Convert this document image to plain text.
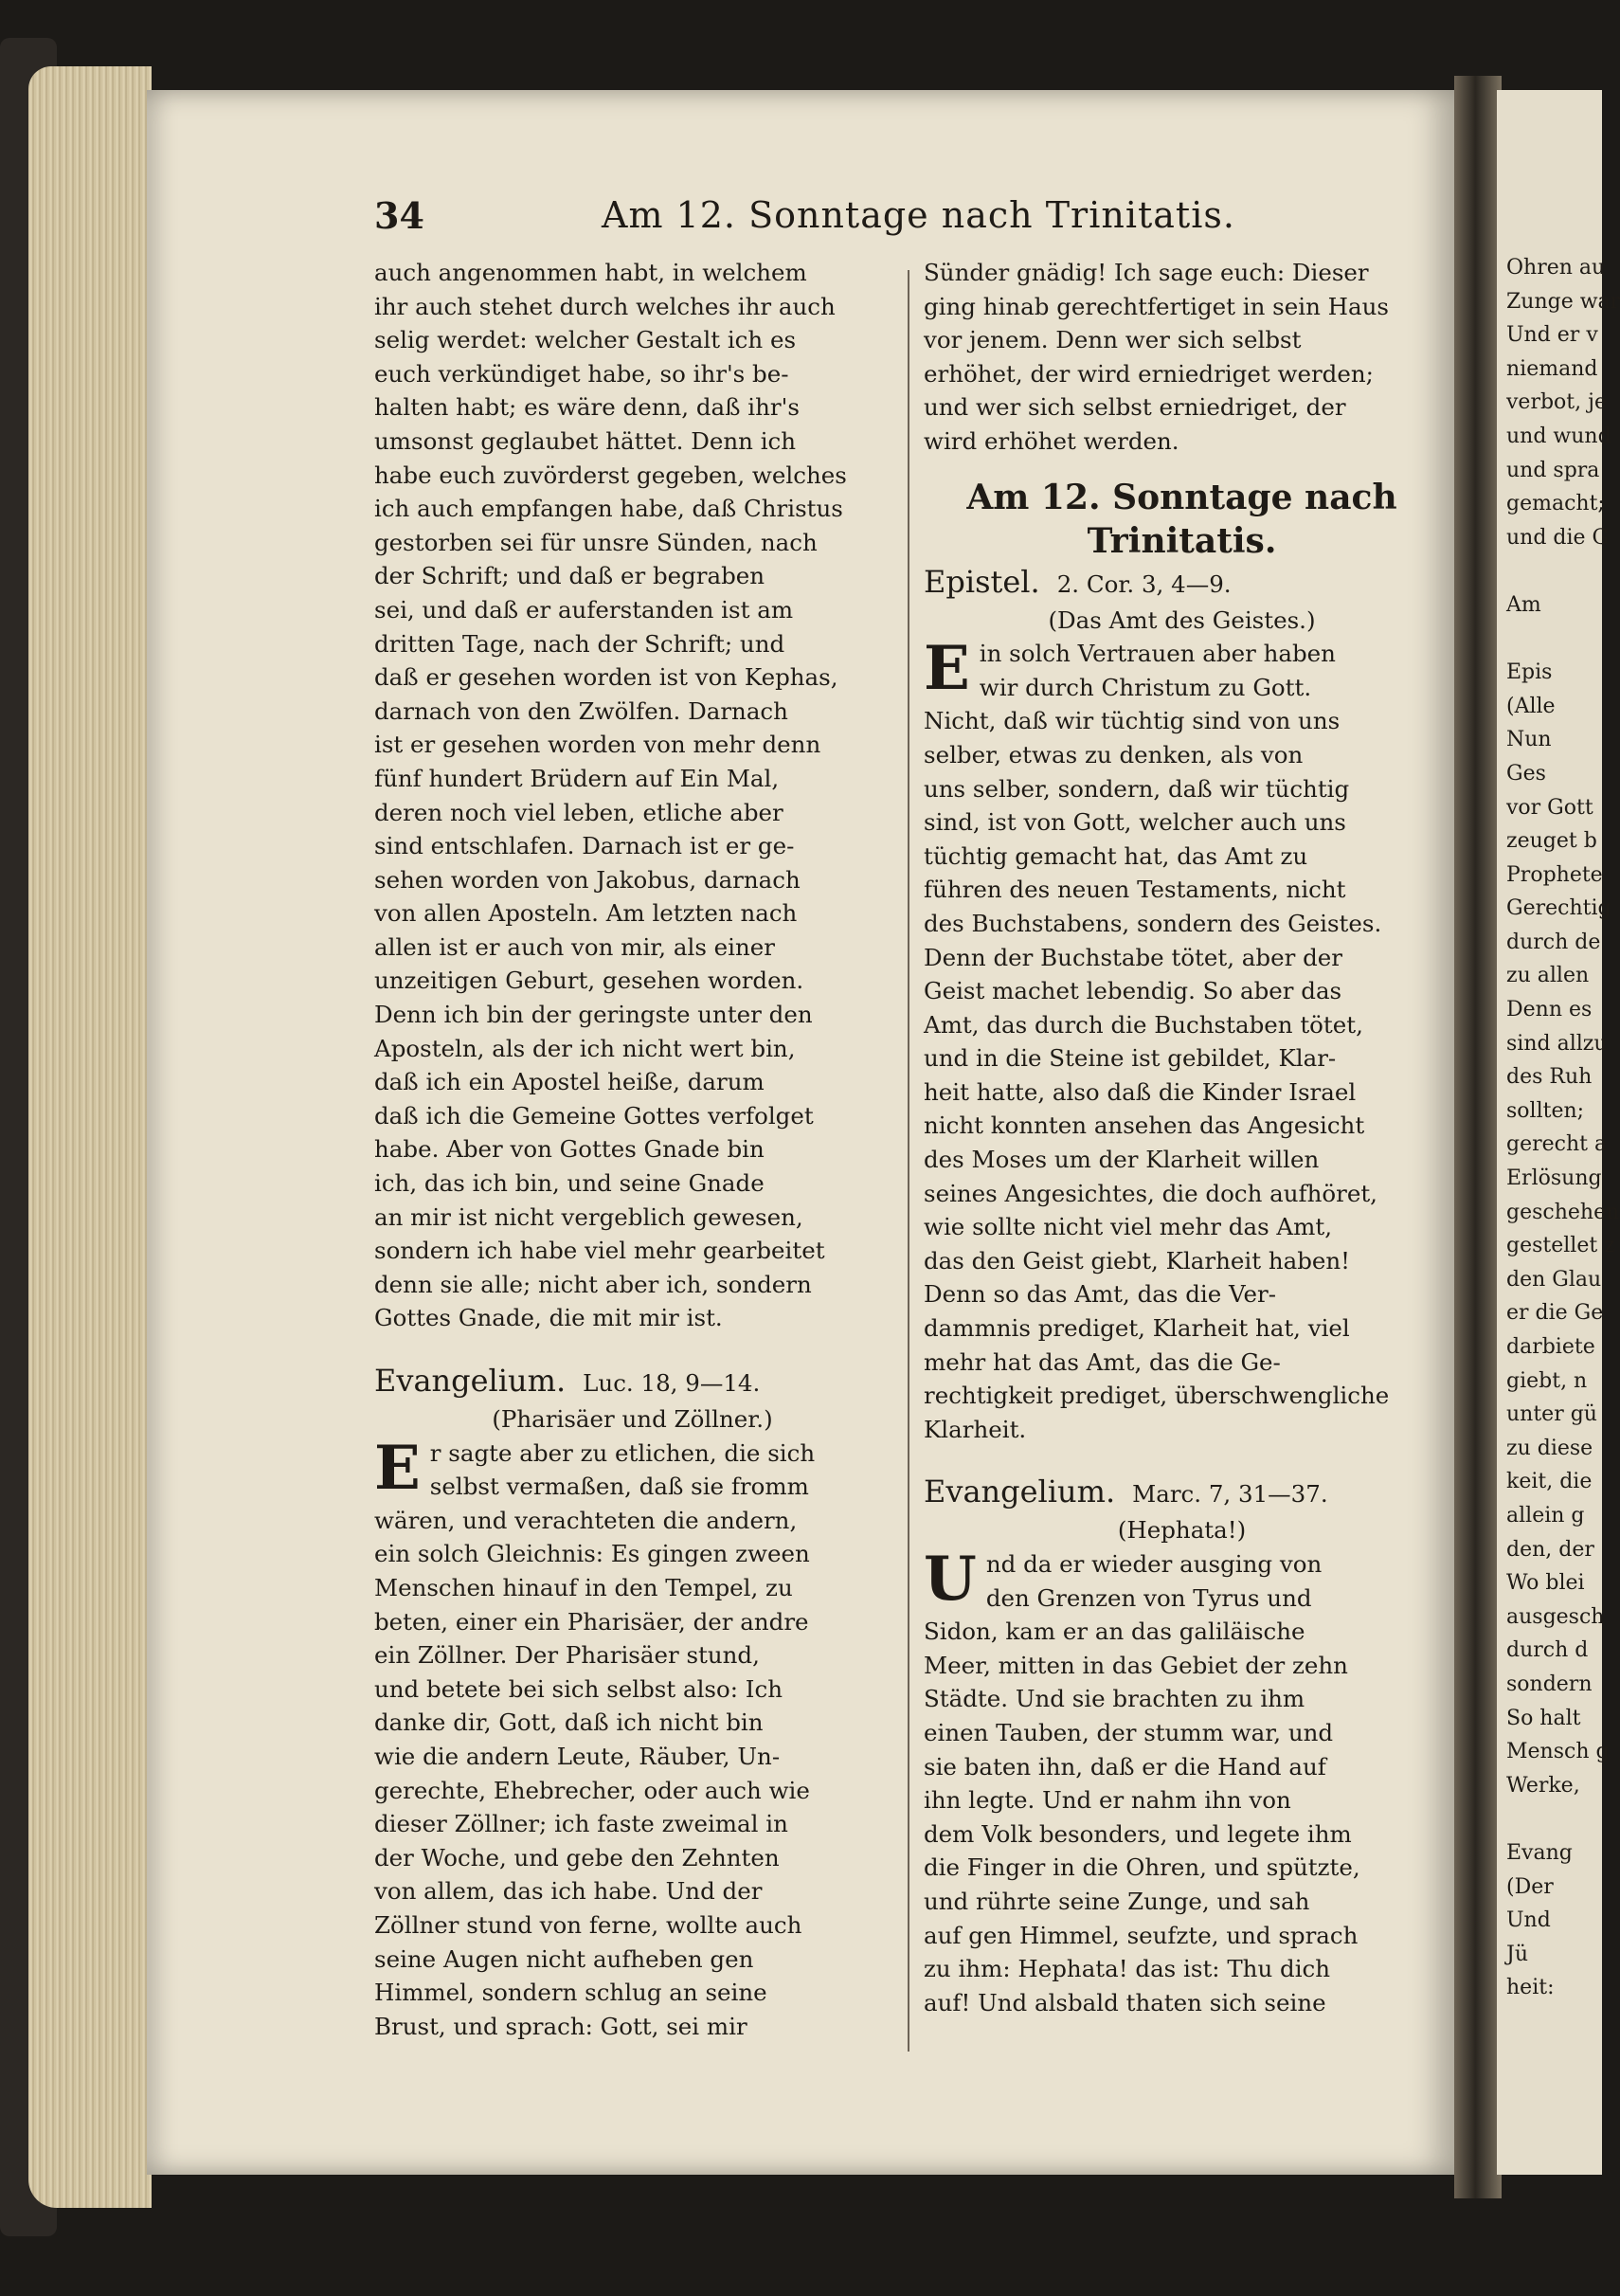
Ohren au

Zunge war

Und er v

niemand

verbot, je

und wund

und spra

gemacht;

und die G

Am

Epis

(Alle

Nun

Ges

vor Gott

zeuget b

Prophete

Gerechtig

durch de

zu allen

Denn es

sind allzu

des Ruh

sollten;

gerecht a

Erlösung

geschehen

gestellet z

den Glau

er die Ge

darbiete

giebt, n

unter gü

zu diese

keit, die

allein g

den, der

Wo blei

ausgesch

durch d

sondern

So halt

Mensch g

Werke,

Evang

(Der

Und

Jü

heit:

34	Am 12. Sonntage nach Trinitatis.

auch angenommen habt, in welchem

ihr auch stehet durch welches ihr auch

selig werdet: welcher Gestalt ich es

euch verkündiget habe, so ihr's be-

halten habt; es wäre denn, daß ihr's

umsonst geglaubet hättet. Denn ich

habe euch zuvörderst gegeben, welches

ich auch empfangen habe, daß Christus

gestorben sei für unsre Sünden, nach

der Schrift; und daß er begraben

sei, und daß er auferstanden ist am

dritten Tage, nach der Schrift; und

daß er gesehen worden ist von Kephas,

darnach von den Zwölfen. Darnach

ist er gesehen worden von mehr denn

fünf hundert Brüdern auf Ein Mal,

deren noch viel leben, etliche aber

sind entschlafen. Darnach ist er ge-

sehen worden von Jakobus, darnach

von allen Aposteln. Am letzten nach

allen ist er auch von mir, als einer

unzeitigen Geburt, gesehen worden.

Denn ich bin der geringste unter den

Aposteln, als der ich nicht wert bin,

daß ich ein Apostel heiße, darum

daß ich die Gemeine Gottes verfolget

habe. Aber von Gottes Gnade bin

ich, das ich bin, und seine Gnade

an mir ist nicht vergeblich gewesen,

sondern ich habe viel mehr gearbeitet

denn sie alle; nicht aber ich, sondern

Gottes Gnade, die mit mir ist.

Evangelium. Luc. 18, 9—14.

(Pharisäer und Zöllner.)

E r sagte aber zu etlichen, die sich

selbst vermaßen, daß sie fromm

wären, und verachteten die andern,

ein solch Gleichnis: Es gingen zween

Menschen hinauf in den Tempel, zu

beten, einer ein Pharisäer, der andre

ein Zöllner. Der Pharisäer stund,

und betete bei sich selbst also: Ich

danke dir, Gott, daß ich nicht bin

wie die andern Leute, Räuber, Un-

gerechte, Ehebrecher, oder auch wie

dieser Zöllner; ich faste zweimal in

der Woche, und gebe den Zehnten

von allem, das ich habe. Und der

Zöllner stund von ferne, wollte auch

seine Augen nicht aufheben gen

Himmel, sondern schlug an seine

Brust, und sprach: Gott, sei mir

Sünder gnädig! Ich sage euch: Dieser

ging hinab gerechtfertiget in sein Haus

vor jenem. Denn wer sich selbst

erhöhet, der wird erniedriget werden;

und wer sich selbst erniedriget, der

wird erhöhet werden.

Am 12. Sonntage nach

Trinitatis.

Epistel. 2. Cor. 3, 4—9.

(Das Amt des Geistes.)

E in solch Vertrauen aber haben

wir durch Christum zu Gott.

Nicht, daß wir tüchtig sind von uns

selber, etwas zu denken, als von

uns selber, sondern, daß wir tüchtig

sind, ist von Gott, welcher auch uns

tüchtig gemacht hat, das Amt zu

führen des neuen Testaments, nicht

des Buchstabens, sondern des Geistes.

Denn der Buchstabe tötet, aber der

Geist machet lebendig. So aber das

Amt, das durch die Buchstaben tötet,

und in die Steine ist gebildet, Klar-

heit hatte, also daß die Kinder Israel

nicht konnten ansehen das Angesicht

des Moses um der Klarheit willen

seines Angesichtes, die doch aufhöret,

wie sollte nicht viel mehr das Amt,

das den Geist giebt, Klarheit haben!

Denn so das Amt, das die Ver-

dammnis prediget, Klarheit hat, viel

mehr hat das Amt, das die Ge-

rechtigkeit prediget, überschwengliche

Klarheit.

Evangelium. Marc. 7, 31—37.

(Hephata!)

U nd da er wieder ausging von

den Grenzen von Tyrus und

Sidon, kam er an das galiläische

Meer, mitten in das Gebiet der zehn

Städte. Und sie brachten zu ihm

einen Tauben, der stumm war, und

sie baten ihn, daß er die Hand auf

ihn legte. Und er nahm ihn von

dem Volk besonders, und legete ihm

die Finger in die Ohren, und spützte,

und rührte seine Zunge, und sah

auf gen Himmel, seufzte, und sprach

zu ihm: Hephata! das ist: Thu dich

auf! Und alsbald thaten sich seine
